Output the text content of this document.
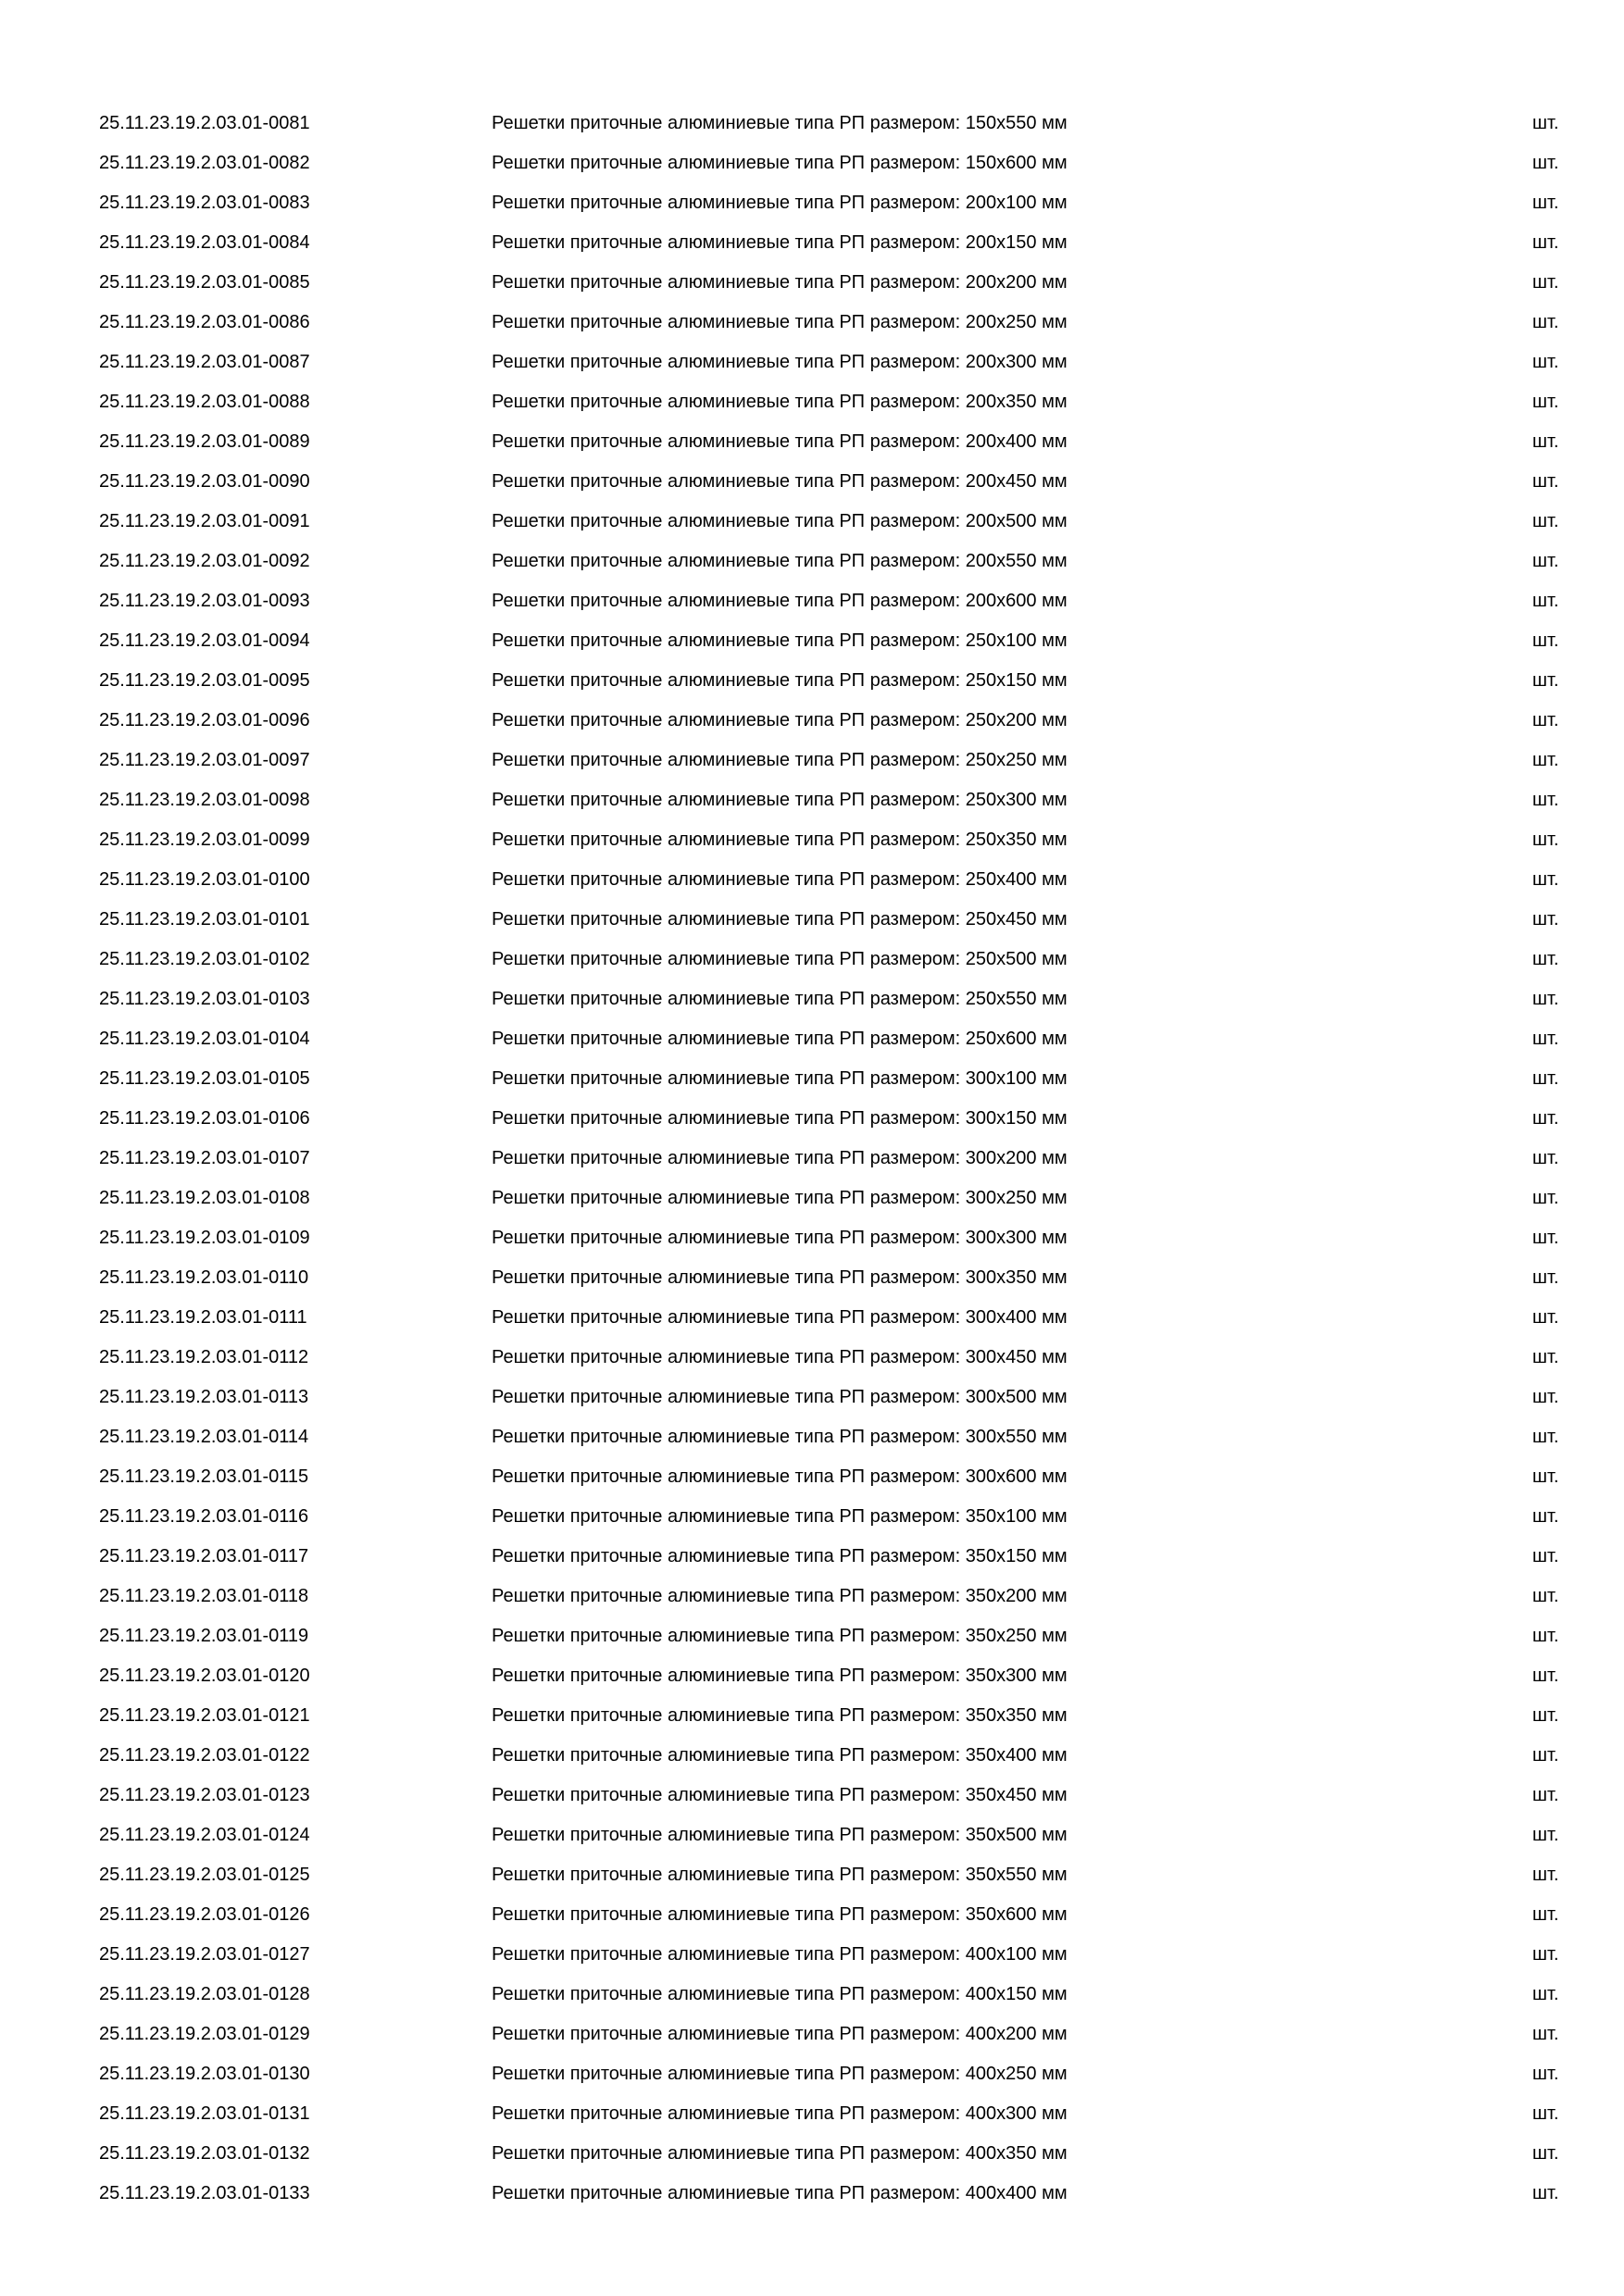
25.11.23.19.2.03.01-0081	Решетки приточные алюминиевые типа РП размером: 150х550 мм	шт.
25.11.23.19.2.03.01-0082	Решетки приточные алюминиевые типа РП размером: 150х600 мм	шт.
25.11.23.19.2.03.01-0083	Решетки приточные алюминиевые типа РП размером: 200х100 мм	шт.
25.11.23.19.2.03.01-0084	Решетки приточные алюминиевые типа РП размером: 200х150 мм	шт.
25.11.23.19.2.03.01-0085	Решетки приточные алюминиевые типа РП размером: 200х200 мм	шт.
25.11.23.19.2.03.01-0086	Решетки приточные алюминиевые типа РП размером: 200х250 мм	шт.
25.11.23.19.2.03.01-0087	Решетки приточные алюминиевые типа РП размером: 200х300 мм	шт.
25.11.23.19.2.03.01-0088	Решетки приточные алюминиевые типа РП размером: 200х350 мм	шт.
25.11.23.19.2.03.01-0089	Решетки приточные алюминиевые типа РП размером: 200х400 мм	шт.
25.11.23.19.2.03.01-0090	Решетки приточные алюминиевые типа РП размером: 200х450 мм	шт.
25.11.23.19.2.03.01-0091	Решетки приточные алюминиевые типа РП размером: 200х500 мм	шт.
25.11.23.19.2.03.01-0092	Решетки приточные алюминиевые типа РП размером: 200х550 мм	шт.
25.11.23.19.2.03.01-0093	Решетки приточные алюминиевые типа РП размером: 200х600 мм	шт.
25.11.23.19.2.03.01-0094	Решетки приточные алюминиевые типа РП размером: 250х100 мм	шт.
25.11.23.19.2.03.01-0095	Решетки приточные алюминиевые типа РП размером: 250х150 мм	шт.
25.11.23.19.2.03.01-0096	Решетки приточные алюминиевые типа РП размером: 250х200 мм	шт.
25.11.23.19.2.03.01-0097	Решетки приточные алюминиевые типа РП размером: 250х250 мм	шт.
25.11.23.19.2.03.01-0098	Решетки приточные алюминиевые типа РП размером: 250х300 мм	шт.
25.11.23.19.2.03.01-0099	Решетки приточные алюминиевые типа РП размером: 250х350 мм	шт.
25.11.23.19.2.03.01-0100	Решетки приточные алюминиевые типа РП размером: 250х400 мм	шт.
25.11.23.19.2.03.01-0101	Решетки приточные алюминиевые типа РП размером: 250х450 мм	шт.
25.11.23.19.2.03.01-0102	Решетки приточные алюминиевые типа РП размером: 250х500 мм	шт.
25.11.23.19.2.03.01-0103	Решетки приточные алюминиевые типа РП размером: 250х550 мм	шт.
25.11.23.19.2.03.01-0104	Решетки приточные алюминиевые типа РП размером: 250х600 мм	шт.
25.11.23.19.2.03.01-0105	Решетки приточные алюминиевые типа РП размером: 300х100 мм	шт.
25.11.23.19.2.03.01-0106	Решетки приточные алюминиевые типа РП размером: 300х150 мм	шт.
25.11.23.19.2.03.01-0107	Решетки приточные алюминиевые типа РП размером: 300х200 мм	шт.
25.11.23.19.2.03.01-0108	Решетки приточные алюминиевые типа РП размером: 300х250 мм	шт.
25.11.23.19.2.03.01-0109	Решетки приточные алюминиевые типа РП размером: 300х300 мм	шт.
25.11.23.19.2.03.01-0110	Решетки приточные алюминиевые типа РП размером: 300х350 мм	шт.
25.11.23.19.2.03.01-0111	Решетки приточные алюминиевые типа РП размером: 300х400 мм	шт.
25.11.23.19.2.03.01-0112	Решетки приточные алюминиевые типа РП размером: 300х450 мм	шт.
25.11.23.19.2.03.01-0113	Решетки приточные алюминиевые типа РП размером: 300х500 мм	шт.
25.11.23.19.2.03.01-0114	Решетки приточные алюминиевые типа РП размером: 300х550 мм	шт.
25.11.23.19.2.03.01-0115	Решетки приточные алюминиевые типа РП размером: 300х600 мм	шт.
25.11.23.19.2.03.01-0116	Решетки приточные алюминиевые типа РП размером: 350х100 мм	шт.
25.11.23.19.2.03.01-0117	Решетки приточные алюминиевые типа РП размером: 350х150 мм	шт.
25.11.23.19.2.03.01-0118	Решетки приточные алюминиевые типа РП размером: 350х200 мм	шт.
25.11.23.19.2.03.01-0119	Решетки приточные алюминиевые типа РП размером: 350х250 мм	шт.
25.11.23.19.2.03.01-0120	Решетки приточные алюминиевые типа РП размером: 350х300 мм	шт.
25.11.23.19.2.03.01-0121	Решетки приточные алюминиевые типа РП размером: 350х350 мм	шт.
25.11.23.19.2.03.01-0122	Решетки приточные алюминиевые типа РП размером: 350х400 мм	шт.
25.11.23.19.2.03.01-0123	Решетки приточные алюминиевые типа РП размером: 350х450 мм	шт.
25.11.23.19.2.03.01-0124	Решетки приточные алюминиевые типа РП размером: 350х500 мм	шт.
25.11.23.19.2.03.01-0125	Решетки приточные алюминиевые типа РП размером: 350х550 мм	шт.
25.11.23.19.2.03.01-0126	Решетки приточные алюминиевые типа РП размером: 350х600 мм	шт.
25.11.23.19.2.03.01-0127	Решетки приточные алюминиевые типа РП размером: 400х100 мм	шт.
25.11.23.19.2.03.01-0128	Решетки приточные алюминиевые типа РП размером: 400х150 мм	шт.
25.11.23.19.2.03.01-0129	Решетки приточные алюминиевые типа РП размером: 400х200 мм	шт.
25.11.23.19.2.03.01-0130	Решетки приточные алюминиевые типа РП размером: 400х250 мм	шт.
25.11.23.19.2.03.01-0131	Решетки приточные алюминиевые типа РП размером: 400х300 мм	шт.
25.11.23.19.2.03.01-0132	Решетки приточные алюминиевые типа РП размером: 400х350 мм	шт.
25.11.23.19.2.03.01-0133	Решетки приточные алюминиевые типа РП размером: 400х400 мм	шт.
